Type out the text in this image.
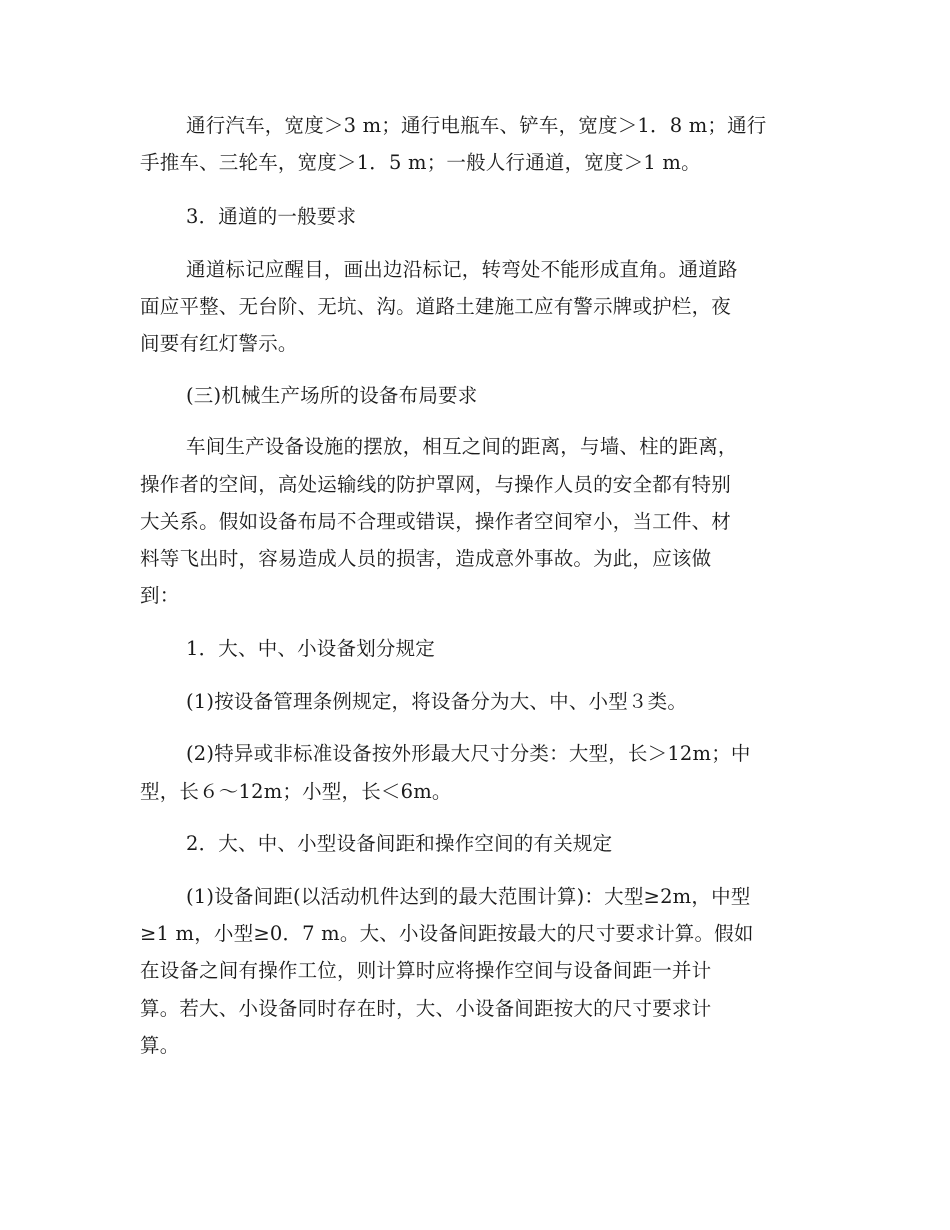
通行汽车，宽度＞3 m；通行电瓶车、铲车，宽度＞1．8 m；通行
手推车、三轮车，宽度＞1．5 m；一般人行通道，宽度＞1 m。
3．通道的一般要求
通道标记应醒目，画出边沿标记，转弯处不能形成直角。通道路
面应平整、无台阶、无坑、沟。道路土建施工应有警示牌或护栏，夜
间要有红灯警示。
(三)机械生产场所的设备布局要求
车间生产设备设施的摆放，相互之间的距离，与墙、柱的距离，
操作者的空间，高处运输线的防护罩网，与操作人员的安全都有特别
大关系。假如设备布局不合理或错误，操作者空间窄小，当工件、材
料等飞出时，容易造成人员的损害，造成意外事故。为此，应该做
到：
1．大、中、小设备划分规定
(1)按设备管理条例规定，将设备分为大、中、小型３类。
(2)特异或非标准设备按外形最大尺寸分类：大型，长＞12m；中
型，长６～12m；小型，长＜6m。
2．大、中、小型设备间距和操作空间的有关规定
(1)设备间距(以活动机件达到的最大范围计算)：大型≥2m，中型
≥1 m，小型≥0．7 m。大、小设备间距按最大的尺寸要求计算。假如
在设备之间有操作工位，则计算时应将操作空间与设备间距一并计
算。若大、小设备同时存在时，大、小设备间距按大的尺寸要求计
算。
